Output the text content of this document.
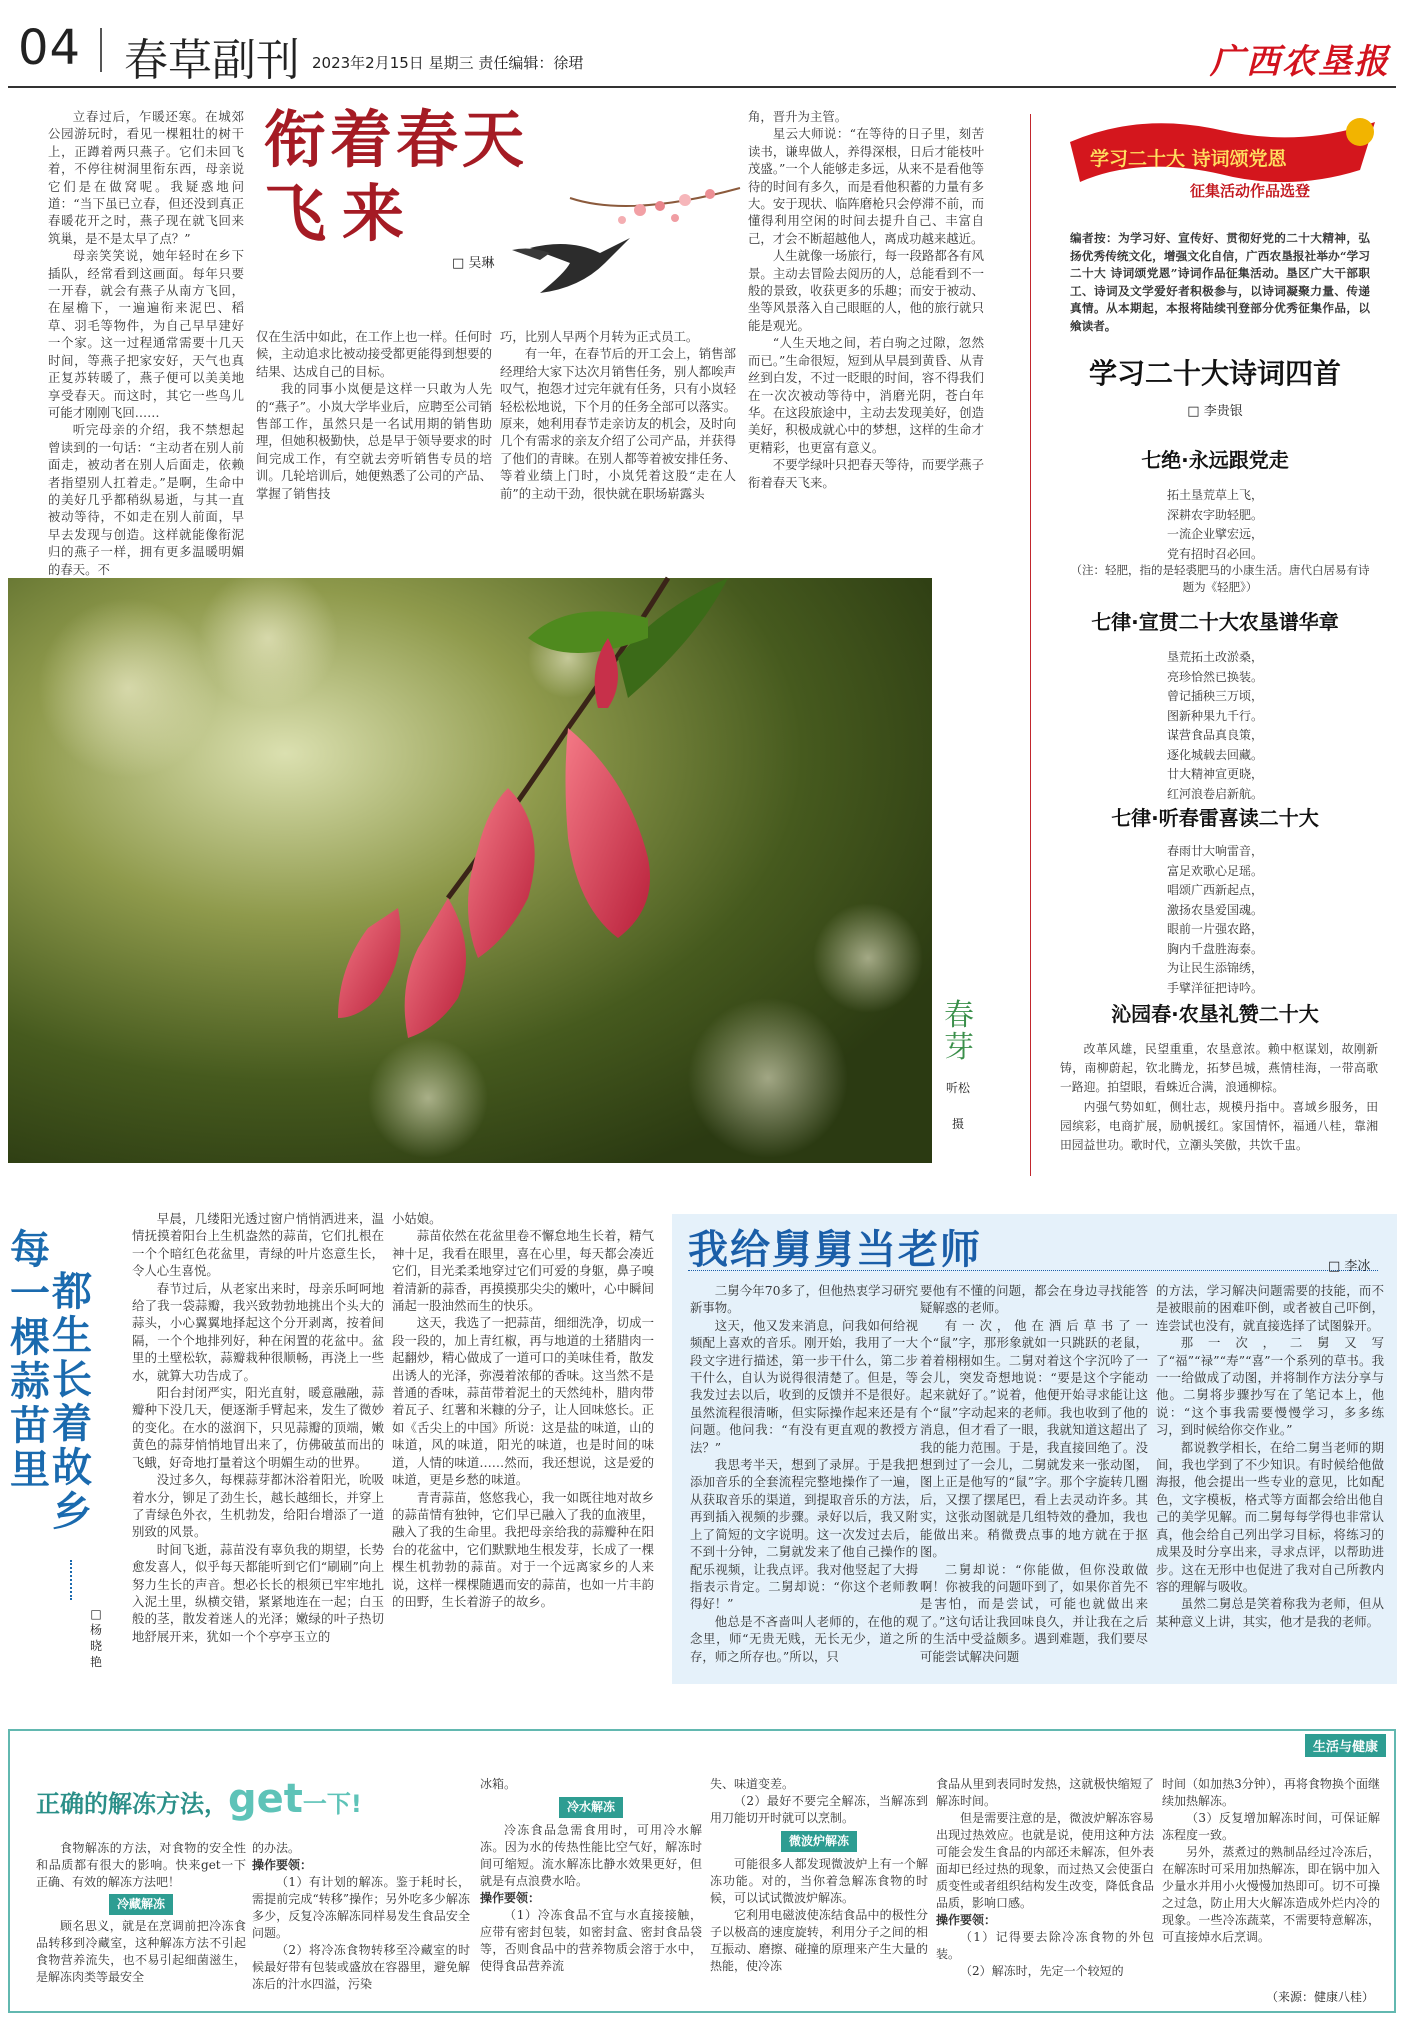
04 春草副刊 2023年2月15日 星期三 责任编辑：徐珺	广西农垦报
衔着春天
飞来
□ 吴琳

立春过后，乍暖还寒。在城郊公园游玩时，看见一棵粗壮的树干上，正蹲着两只燕子。它们未回飞着，不停往树洞里衔东西，母亲说它们是在做窝呢。我疑惑地问道：“当下虽已立春，但还没到真正春暖花开之时，燕子现在就飞回来筑巢，是不是太早了点？”

母亲笑笑说，她年轻时在乡下插队，经常看到这画面。每年只要一开春，就会有燕子从南方飞回，在屋檐下，一遍遍衔来泥巴、稻草、羽毛等物件，为自己早早建好一个家。这一过程通常需要十几天时间，等燕子把家安好，天气也真正复苏转暖了，燕子便可以美美地享受春天。而这时，其它一些鸟儿可能才刚刚飞回……

听完母亲的介绍，我不禁想起曾读到的一句话：“主动者在别人前面走，被动者在别人后面走，依赖者指望别人扛着走。”是啊，生命中的美好几乎都稍纵易逝，与其一直被动等待，不如走在别人前面，早早去发现与创造。这样就能像衔泥归的燕子一样，拥有更多温暖明媚的春天。不

仅在生活中如此，在工作上也一样。任何时候，主动追求比被动接受都更能得到想要的结果、达成自己的目标。

我的同事小岚便是这样一只敢为人先的“燕子”。小岚大学毕业后，应聘至公司销售部工作，虽然只是一名试用期的销售助理，但她积极勤快，总是早于领导要求的时间完成工作，有空就去旁听销售专员的培训。几轮培训后，她便熟悉了公司的产品、掌握了销售技

巧，比别人早两个月转为正式员工。

有一年，在春节后的开工会上，销售部经理给大家下达次月销售任务，别人都唉声叹气，抱怨才过完年就有任务，只有小岚轻轻松松地说，下个月的任务全部可以落实。原来，她利用春节走亲访友的机会，及时向几个有需求的亲友介绍了公司产品，并获得了他们的青睐。在别人都等着被安排任务、等着业绩上门时，小岚凭着这股“走在人前”的主动干劲，很快就在职场崭露头

角，晋升为主管。

星云大师说：“在等待的日子里，刻苦读书，谦卑做人，养得深根，日后才能枝叶茂盛。”一个人能够走多远，从来不是看他等待的时间有多久，而是看他积蓄的力量有多大。安于现状、临阵磨枪只会停滞不前，而懂得利用空闲的时间去提升自己、丰富自己，才会不断超越他人，离成功越来越近。

人生就像一场旅行，每一段路都各有风景。主动去冒险去阅历的人，总能看到不一般的景致，收获更多的乐趣；而安于被动、坐等风景落入自己眼眶的人，他的旅行就只能是观光。

“人生天地之间，若白驹之过隙，忽然而已。”生命很短，短到从早晨到黄昏、从青丝到白发，不过一眨眼的时间，容不得我们在一次次被动等待中，消磨光阴，苍白年华。在这段旅途中，主动去发现美好，创造美好，积极成就心中的梦想，这样的生命才更精彩，也更富有意义。

不要学绿叶只把春天等待，而要学燕子衔着春天飞来。

学习二十大 诗词颂党恩
征集活动作品选登
编者按：为学习好、宣传好、贯彻好党的二十大精神，弘扬优秀传统文化，增强文化自信，广西农垦报社举办“学习二十大 诗词颂党恩”诗词作品征集活动。垦区广大干部职工、诗词及文学爱好者积极参与，以诗词凝聚力量、传递真情。从本期起，本报将陆续刊登部分优秀征集作品，以飨读者。
学习二十大诗词四首
□ 李贵银
七绝·永远跟党走
拓土垦荒草上飞，
深耕农字助轻肥。
一流企业擘宏远，
党有招时召必回。
（注：轻肥，指的是轻裘肥马的小康生活。唐代白居易有诗题为《轻肥》）
七律·宣贯二十大农垦谱华章
垦荒拓土改淤桑，
亮珍恰然已换装。
曾记插秧三万顷，
图新种果九千行。
谋营食品真良策，
逐化城载去回藏。
廿大精神宣更晓，
红河浪卷启新航。
七律·听春雷喜读二十大
春雨廿大响雷音，
富足欢歌心足瑶。
唱颂广西新起点，
激扬农垦爱国魂。
眼前一片强农路，
胸内千盘胜海泰。
为让民生添锦绣，
手擘洋征把诗吟。
沁园春·农垦礼赞二十大
改革风雄，民望重重，农垦意浓。赖中枢谋划，故刚新铸，南柳蔚起，钦北腾龙，拓梦邑城，燕情桂海，一带高歌一路迎。拍望眼，看蛛近合满，浪通柳棕。
内强气势如虹，侧壮志，规模丹指中。喜域乡服务，田园缤彩，电商扩展，励帆援红。家国情怀，福通八桂，靠湘田园益世功。歌时代，立潮头笑傲，共饮千盅。
春芽
听松
摄
每一棵蒜苗里
都生长着故乡
□ 杨晓艳

早晨，几缕阳光透过窗户悄悄洒进来，温情抚摸着阳台上生机盎然的蒜苗，它们扎根在一个个暗红色花盆里，青绿的叶片恣意生长，令人心生喜悦。

春节过后，从老家出来时，母亲乐呵呵地给了我一袋蒜瓣，我兴致勃勃地挑出个头大的蒜头，小心翼翼地择起这个分开剥离，按着间隔，一个个地排列好，种在闲置的花盆中。盆里的土壁松软，蒜瓣栽种很顺畅，再浇上一些水，就算大功告成了。

阳台封闭严实，阳光直射，暖意融融，蒜瓣种下没几天，便逐渐手臂起来，发生了微妙的变化。在水的滋润下，只见蒜瓣的顶端，嫩黄色的蒜芽悄悄地冒出来了，仿佛破茧而出的飞蛾，好奇地打量着这个明媚生动的世界。

没过多久，每棵蒜芽都沐浴着阳光，吮吸着水分，铆足了劲生长，越长越细长，并穿上了青绿色外衣，生机勃发，给阳台增添了一道别致的风景。

时间飞逝，蒜苗没有辜负我的期望，长势愈发喜人，似乎每天都能听到它们“刷刷”向上努力生长的声音。想必长长的根须已牢牢地扎入泥土里，纵横交错，紧紧地连在一起；白玉般的茎，散发着迷人的光泽；嫩绿的叶子热切地舒展开来，犹如一个个亭亭玉立的

小姑娘。

蒜苗依然在花盆里卷不懈怠地生长着，精气神十足，我看在眼里，喜在心里，每天都会凑近它们，目光柔柔地穿过它们可爱的身躯，鼻子嗅着清新的蒜香，再摸摸那尖尖的嫩叶，心中瞬间涌起一股油然而生的快乐。

这天，我选了一把蒜苗，细细洗净，切成一段一段的，加上青红椒，再与地道的土猪腊肉一起翻炒，精心做成了一道可口的美味佳肴，散发出诱人的光泽，弥漫着浓郁的香味。这当然不是普通的香味，蒜苗带着泥土的天然纯朴，腊肉带着瓦子、红薯和米糠的分子，让人回味悠长。正如《舌尖上的中国》所说：这是盐的味道，山的味道，风的味道，阳光的味道，也是时间的味道，人情的味道……然而，我还想说，这是爱的味道，更是乡愁的味道。

青青蒜苗，悠悠我心，我一如既往地对故乡的蒜苗情有独钟，它们早已融入了我的血液里，融入了我的生命里。我把母亲给我的蒜瓣种在阳台的花盆中，它们默默地生根发芽，长成了一棵棵生机勃勃的蒜苗。对于一个远离家乡的人来说，这样一棵棵随遇而安的蒜苗，也如一片丰韵的田野，生长着游子的故乡。

我给舅舅当老师	□ 李冰

二舅今年70多了，但他热衷学习研究新事物。

这天，他又发来消息，问我如何给视频配上喜欢的音乐。刚开始，我用了一大段文字进行描述，第一步干什么，第二步干什么，自认为说得很清楚了。但是，等我发过去以后，收到的反馈并不是很好。虽然流程很清晰，但实际操作起来还是有问题。他问我：“有没有更直观的教授方法？”

我思考半天，想到了录屏。于是我把添加音乐的全套流程完整地操作了一遍，从获取音乐的渠道，到提取音乐的方法，再到插入视频的步骤。录好以后，我又附上了简短的文字说明。这一次发过去后，不到十分钟，二舅就发来了他自己操作的配乐视频，让我点评。我对他竖起了大拇指表示肯定。二舅却说：“你这个老师教得好！”

他总是不吝啬叫人老师的，在他的观念里，师“无贵无贱，无长无少，道之所存，师之所存也。”所以，只

要他有不懂的问题，都会在身边寻找能答疑解惑的老师。

有一次，他在酒后草书了一个“鼠”字，那形象就如一只跳跃的老鼠，着着栩栩如生。二舅对着这个字沉吟了一会儿，突发奇想地说：“要是这个字能动起来就好了。”说着，他便开始寻求能让这个“鼠”字动起来的老师。我也收到了他的消息，但才看了一眼，我就知道这超出了我的能力范围。于是，我直接回绝了。没想到过了一会儿，二舅就发来一张动图，图上正是他写的“鼠”字。那个字旋转几圈后，又摆了摆尾巴，看上去灵动许多。其实，这张动图就是几组特效的叠加，我也能做出来。稍微费点事的地方就在于抠图。

二舅却说：“你能做，但你没敢做啊！你被我的问题吓到了，如果你首先不是害怕，而是尝试，可能也就做出来了。”这句话让我回味良久，并让我在之后的生活中受益颇多。遇到难题，我们要尽可能尝试解决问题

的方法，学习解决问题需要的技能，而不是被眼前的困难吓倒，或者被自己吓倒，连尝试也没有，就直接选择了试图躲开。

那一次，二舅又写了“福”“禄”“寿”“喜”一个系列的草书。我一一给做成了动图，并将制作方法分享与他。二舅将步骤抄写在了笔记本上，他说：“这个事我需要慢慢学习，多多练习，到时候给你交作业。”

都说教学相长，在给二舅当老师的期间，我也学到了不少知识。有时候给他做海报，他会提出一些专业的意见，比如配色，文字模板，格式等方面都会给出他自己的美学见解。而二舅每每学得也非常认真，他会给自己列出学习目标，将练习的成果及时分享出来，寻求点评，以帮助进步。这在无形中也促进了我对自己所教内容的理解与吸收。

虽然二舅总是笑着称我为老师，但从某种意义上讲，其实，他才是我的老师。

生活与健康
正确的解冻方法，get一下!

食物解冻的方法，对食物的安全性和品质都有很大的影响。快来get一下正确、有效的解冻方法吧！

冷藏解冻

顾名思义，就是在烹调前把冷冻食品转移到冷藏室，这种解冻方法不引起食物营养流失，也不易引起细菌滋生，是解冻肉类等最安全

的办法。

操作要领：

（1）有计划的解冻。鉴于耗时长，需提前完成“转移”操作；另外吃多少解冻多少，反复冷冻解冻同样易发生食品安全问题。

（2）将冷冻食物转移至冷藏室的时候最好带有包装或盛放在容器里，避免解冻后的汁水四溢，污染

冰箱。

冷水解冻

冷冻食品急需食用时，可用冷水解冻。因为水的传热性能比空气好，解冻时间可缩短。流水解冻比静水效果更好，但就是有点浪费水哈。

操作要领：

（1）冷冻食品不宜与水直接接触，应带有密封包装，如密封盒、密封食品袋等，否则食品中的营养物质会溶于水中，使得食品营养流

失、味道变差。

（2）最好不要完全解冻，当解冻到用刀能切开时就可以烹制。

微波炉解冻

可能很多人都发现微波炉上有一个解冻功能。对的，当你着急解冻食物的时候，可以试试微波炉解冻。

它利用电磁波使冻结食品中的极性分子以极高的速度旋转，利用分子之间的相互振动、磨擦、碰撞的原理来产生大量的热能，使冷冻

食品从里到表同时发热，这就极快缩短了解冻时间。

但是需要注意的是，微波炉解冻容易出现过热效应。也就是说，使用这种方法可能会发生食品的内部还未解冻，但外表面却已经过热的现象，而过热又会使蛋白质变性或者组织结构发生改变，降低食品品质，影响口感。

操作要领：

（1）记得要去除冷冻食物的外包装。

（2）解冻时，先定一个较短的

时间（如加热3分钟），再将食物换个面继续加热解冻。

（3）反复增加解冻时间，可保证解冻程度一致。

另外，蒸煮过的熟制品经过冷冻后，在解冻时可采用加热解冻，即在锅中加入少量水并用小火慢慢加热即可。切不可操之过急，防止用大火解冻造成外烂内冷的现象。一些冷冻蔬菜，不需要特意解冻，可直接焯水后烹调。

（来源：健康八桂）
